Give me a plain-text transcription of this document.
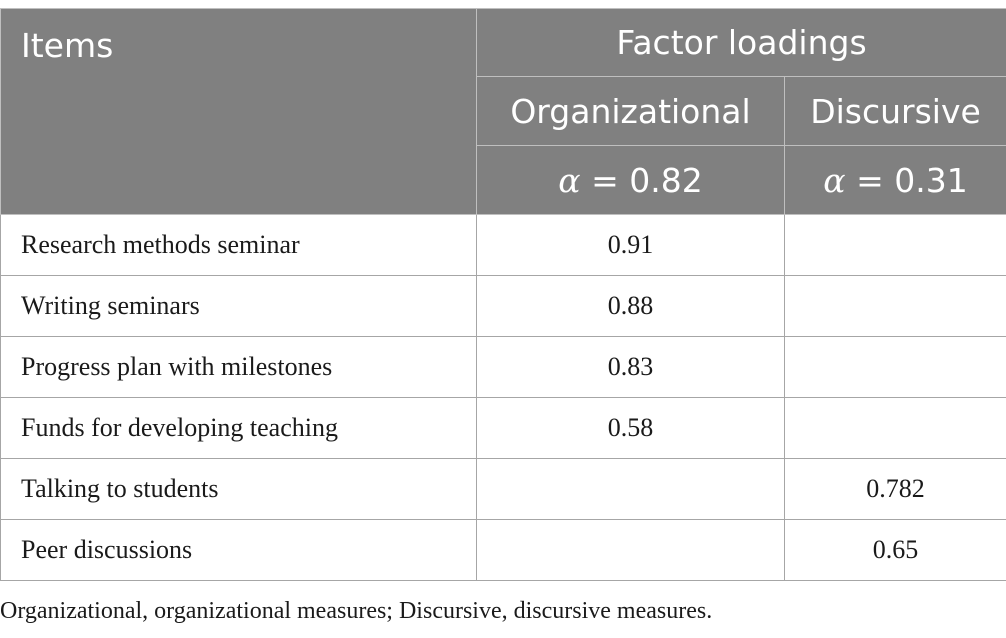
Items	Factor loadings	
	Organizational	Discursive
	α = 0.82	α = 0.31
Research methods seminar	0.91	
Writing seminars	0.88	
Progress plan with milestones	0.83	
Funds for developing teaching	0.58	
Talking to students		0.782
Peer discussions		0.65
Organizational, organizational measures; Discursive, discursive measures.
